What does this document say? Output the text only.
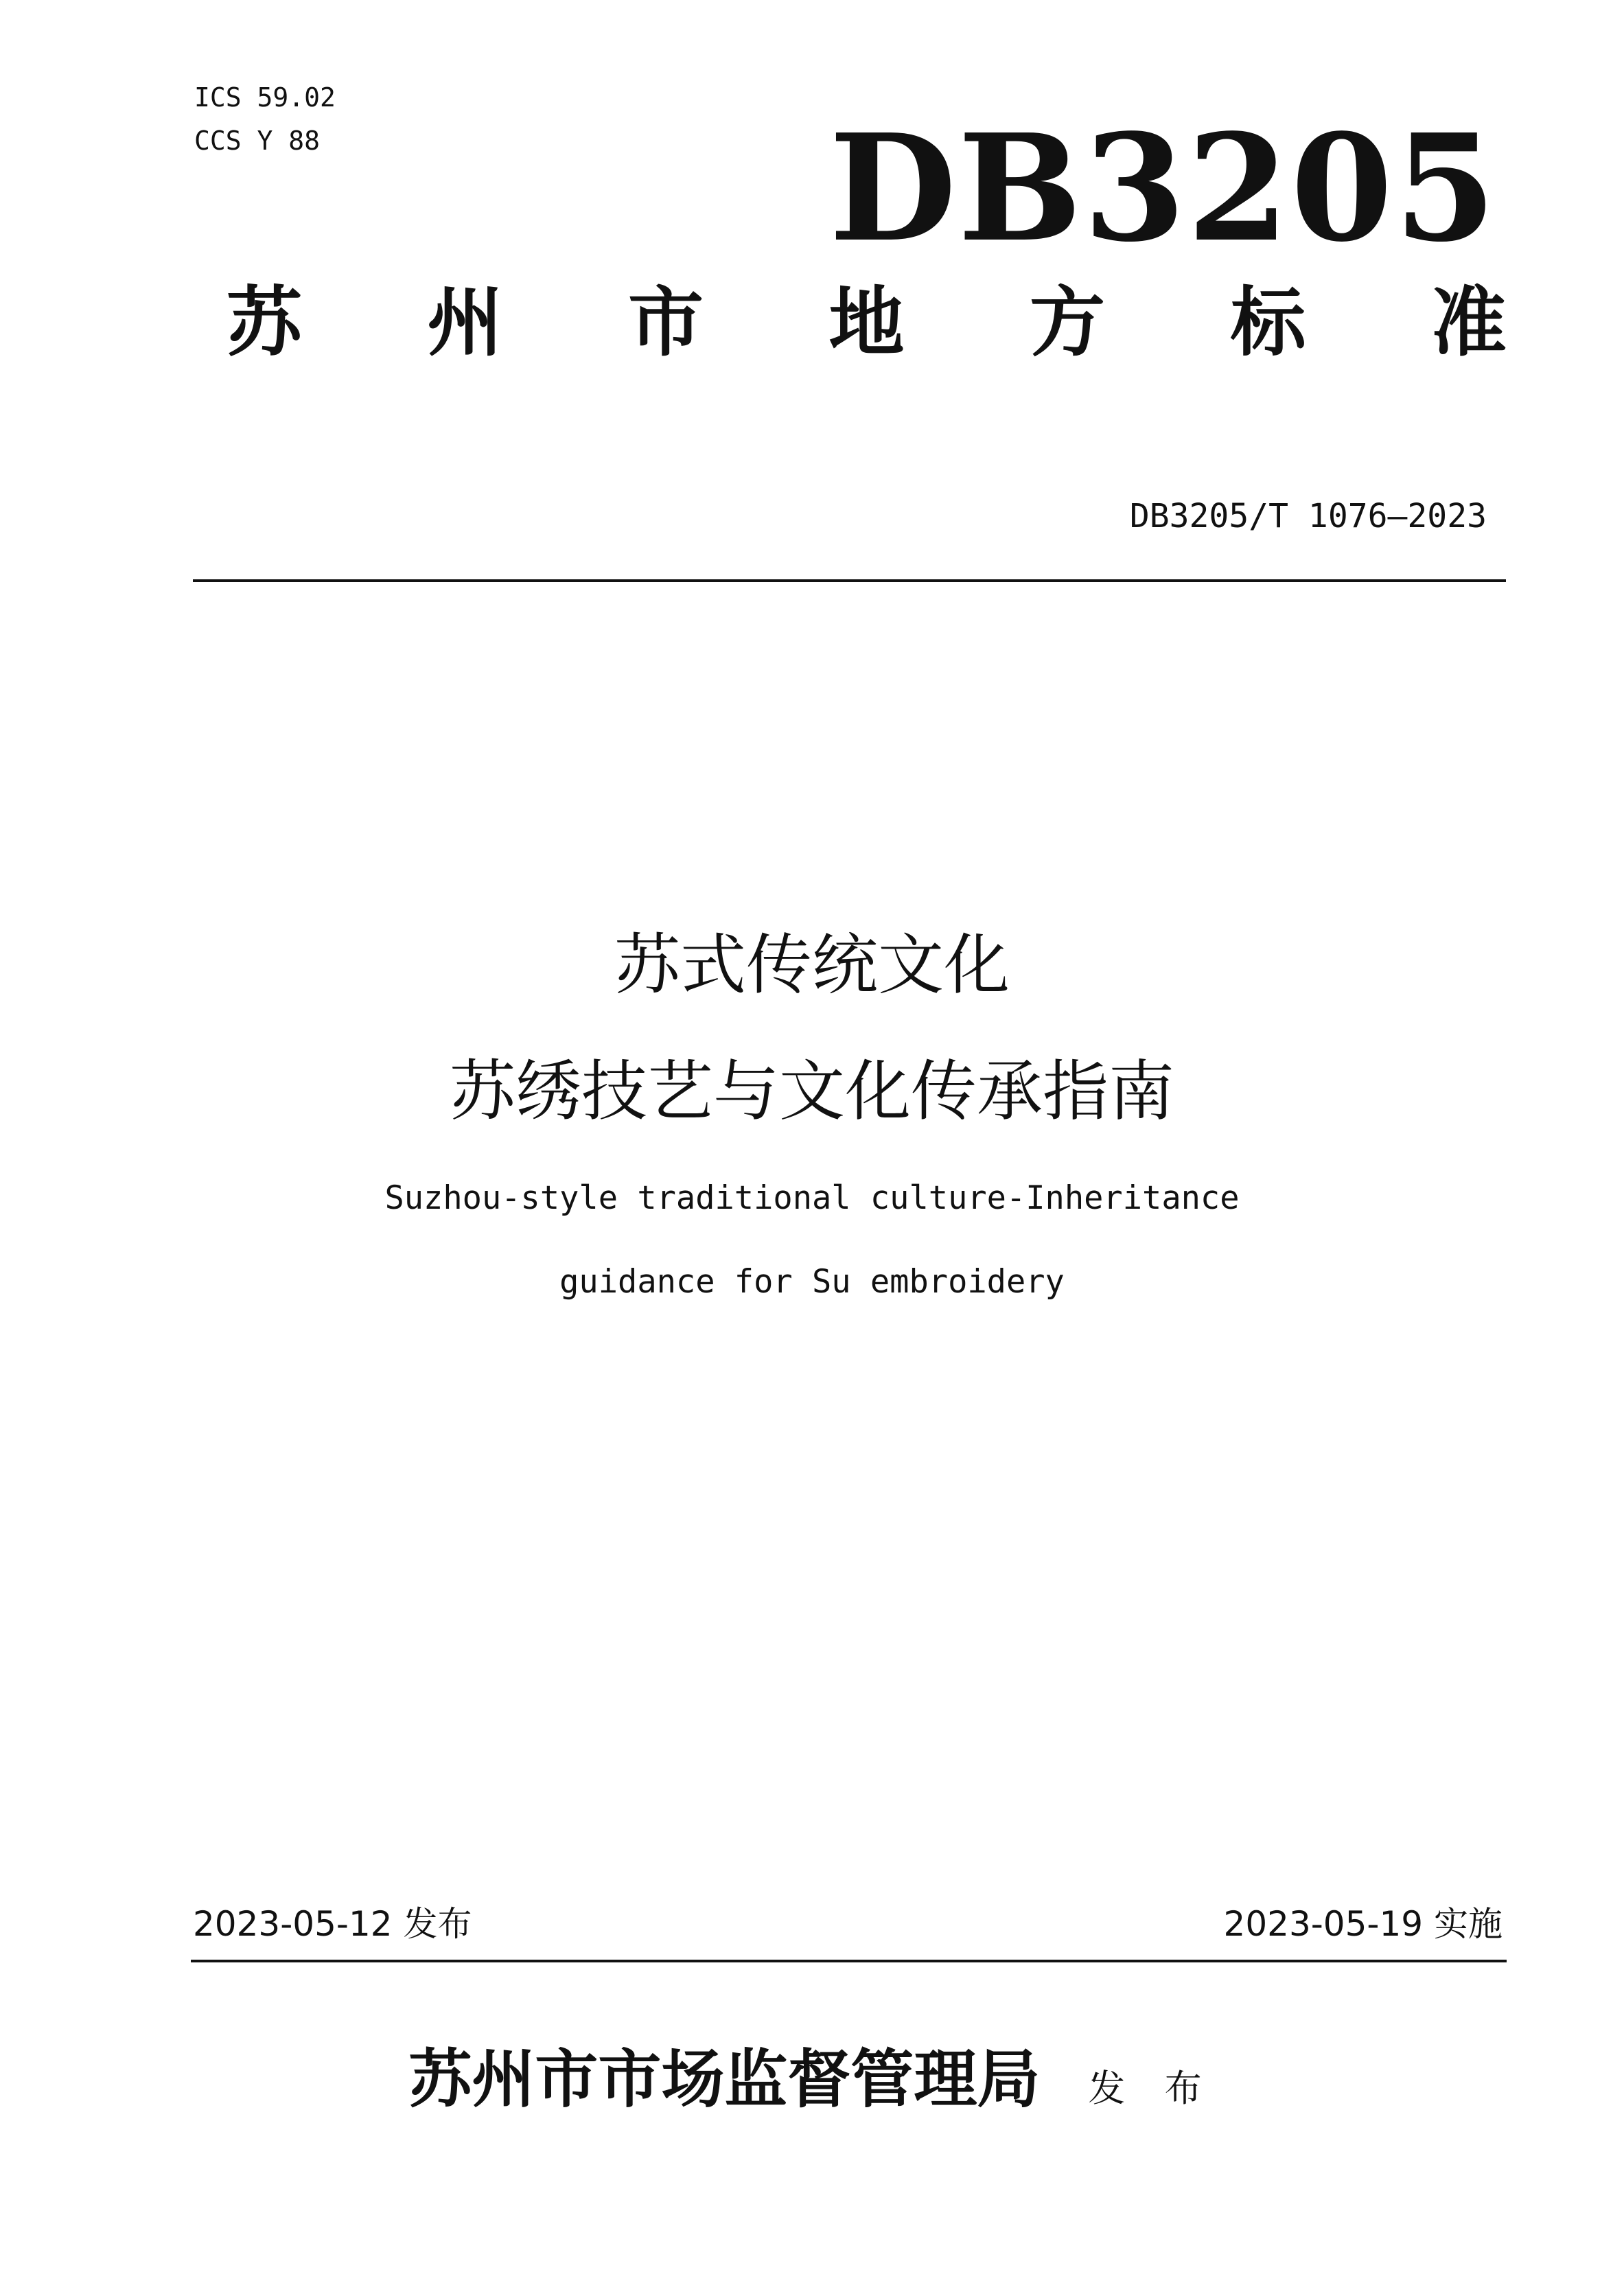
ICS 59.02
CCS Y 88	DB3205
苏 州 市 地 方 标 准
DB3205/T 1076—2023
苏式传统文化
苏绣技艺与文化传承指南
Suzhou-style traditional culture-Inheritance
guidance for Su embroidery
2023-05-12 发布	2023-05-19 实施
苏州市市场监督管理局 发 布
